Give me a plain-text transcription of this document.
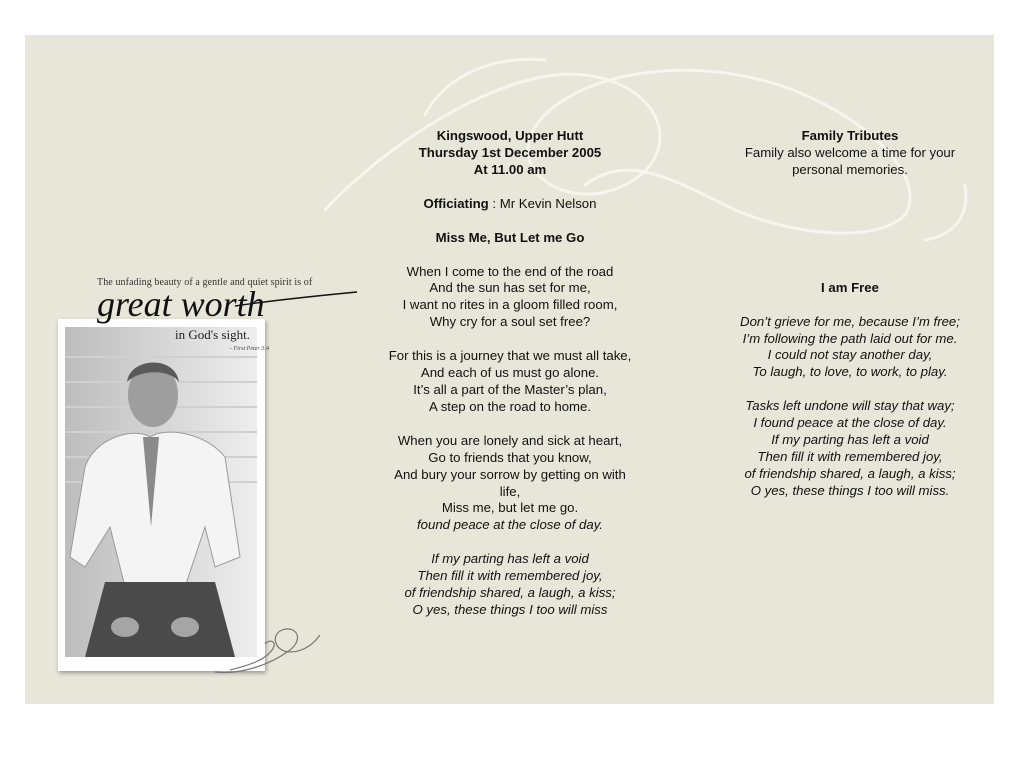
Kingswood, Upper Hutt

Thursday 1st December 2005

At 11.00 am

Officiating : Mr Kevin Nelson

Miss Me, But Let me Go

When I come to the end of the road

And the sun has set for me,

I want no rites in a gloom filled room,

Why cry for a soul set free?

For this is a journey that we must all take,

And each of us must go alone.

It’s all a part of the Master’s plan,

A step on the road to home.

When you are lonely and sick at heart,

Go to friends that you know,

And bury your sorrow by getting on with

life,

Miss me, but let me go.

found peace at the close of day.

If my parting has left a void

Then fill it with remembered joy,

of friendship shared, a laugh, a kiss;

O yes, these things I too will miss

Family Tributes

Family also welcome a time for your

personal memories.

I am Free

Don’t grieve for me, because I’m free;

I’m following the path laid out for me.

I could not stay another day,

To laugh, to love, to work, to play.

Tasks left undone will stay that way;

I found peace at the close of day.

If my parting has left a void

Then fill it with remembered joy,

of friendship shared, a laugh, a kiss;

O yes, these things I too will miss.

The unfading beauty of a gentle and quiet spirit is of
great worth
in God's sight.
- First Peter 3:4
